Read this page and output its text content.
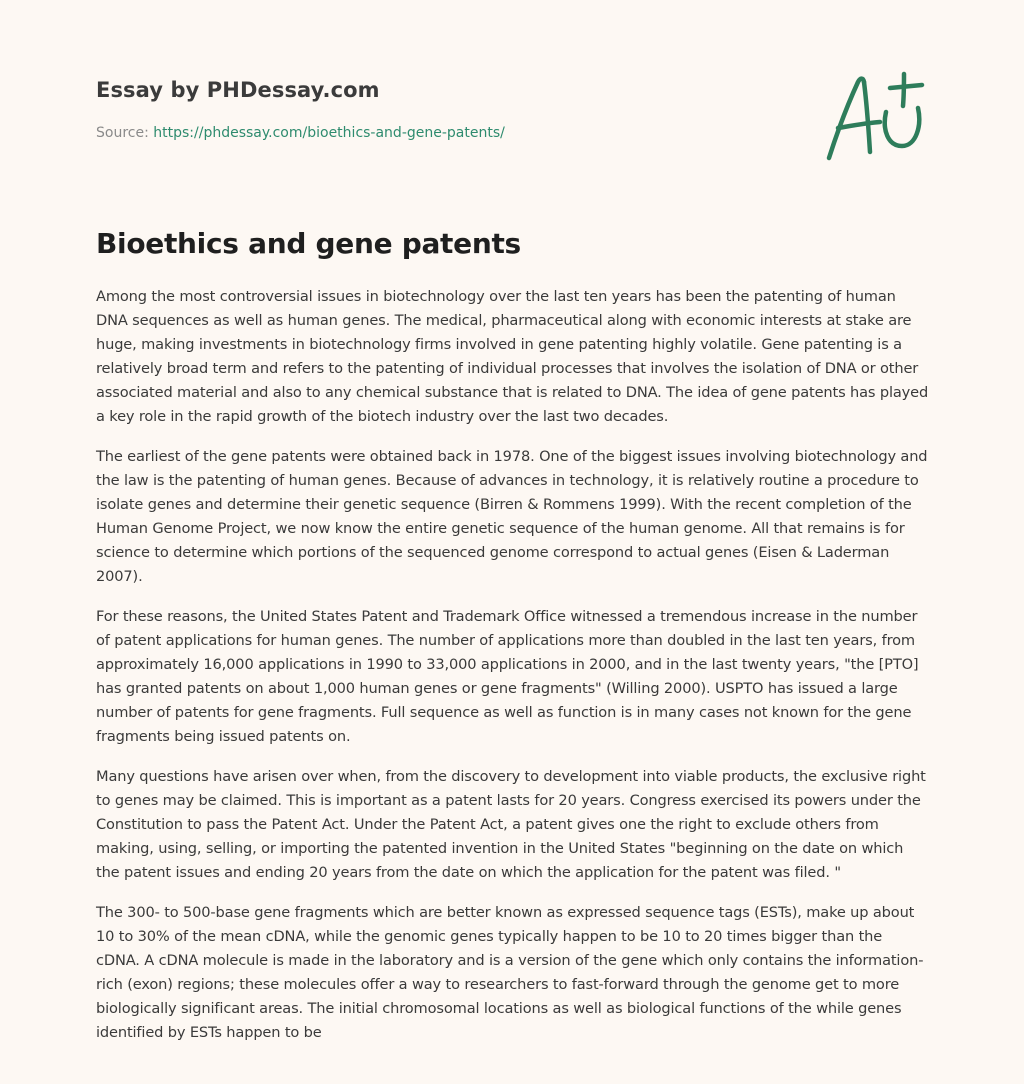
Essay by PHDessay.com
Source: https://phdessay.com/bioethics-and-gene-patents/
Bioethics and gene patents

Among the most controversial issues in biotechnology over the last ten years has been the patenting of human DNA sequences as well as human genes. The medical, pharmaceutical along with economic interests at stake are huge, making investments in biotechnology firms involved in gene patenting highly volatile. Gene patenting is a relatively broad term and refers to the patenting of individual processes that involves the isolation of DNA or other associated material and also to any chemical substance that is related to DNA. The idea of gene patents has played a key role in the rapid growth of the biotech industry over the last two decades.

The earliest of the gene patents were obtained back in 1978. One of the biggest issues involving biotechnology and the law is the patenting of human genes. Because of advances in technology, it is relatively routine a procedure to isolate genes and determine their genetic sequence (Birren & Rommens 1999). With the recent completion of the Human Genome Project, we now know the entire genetic sequence of the human genome. All that remains is for science to determine which portions of the sequenced genome correspond to actual genes (Eisen & Laderman 2007).

For these reasons, the United States Patent and Trademark Office witnessed a tremendous increase in the number of patent applications for human genes. The number of applications more than doubled in the last ten years, from approximately 16,000 applications in 1990 to 33,000 applications in 2000, and in the last twenty years, "the [PTO] has granted patents on about 1,000 human genes or gene fragments" (Willing 2000). USPTO has issued a large number of patents for gene fragments. Full sequence as well as function is in many cases not known for the gene fragments being issued patents on.

Many questions have arisen over when, from the discovery to development into viable products, the exclusive right to genes may be claimed. This is important as a patent lasts for 20 years. Congress exercised its powers under the Constitution to pass the Patent Act. Under the Patent Act, a patent gives one the right to exclude others from making, using, selling, or importing the patented invention in the United States "beginning on the date on which the patent issues and ending 20 years from the date on which the application for the patent was filed. "

The 300- to 500-base gene fragments which are better known as expressed sequence tags (ESTs), make up about 10 to 30% of the mean cDNA, while the genomic genes typically happen to be 10 to 20 times bigger than the cDNA. A cDNA molecule is made in the laboratory and is a version of the gene which only contains the information-rich (exon) regions; these molecules offer a way to researchers to fast-forward through the genome get to more biologically significant areas. The initial chromosomal locations as well as biological functions of the while genes identified by ESTs happen to be
